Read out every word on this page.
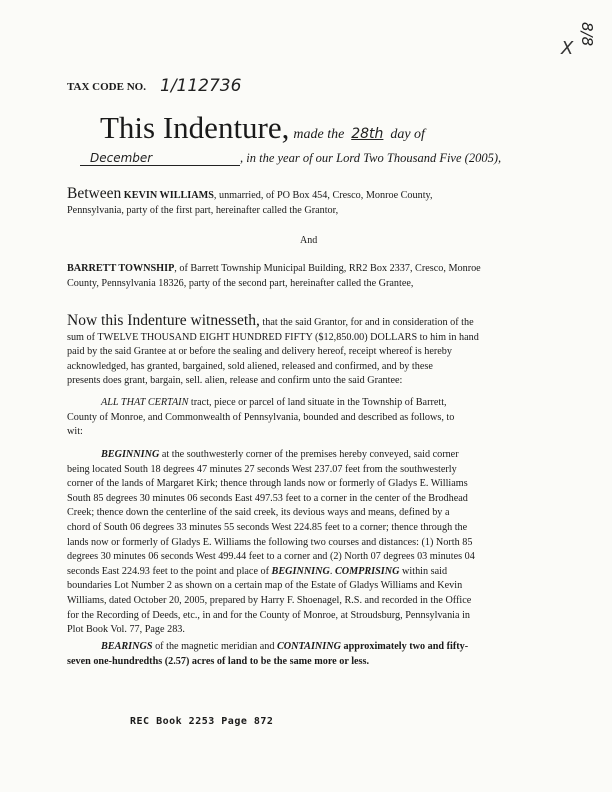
X
8/8
TAX CODE NO. 1/112736
This Indenture, made the 28th day of
December	, in the year of our Lord Two Thousand Five (2005),
Between KEVIN WILLIAMS, unmarried, of PO Box 454, Cresco, Monroe County,
Pennsylvania, party of the first part, hereinafter called the Grantor,
And
BARRETT TOWNSHIP, of Barrett Township Municipal Building, RR2 Box 2337, Cresco, Monroe
County, Pennsylvania 18326, party of the second part, hereinafter called the Grantee,
Now this Indenture witnesseth, that the said Grantor, for and in consideration of the
sum of TWELVE THOUSAND EIGHT HUNDRED FIFTY ($12,850.00) DOLLARS to him in hand
paid by the said Grantee at or before the sealing and delivery hereof, receipt whereof is hereby
acknowledged, has granted, bargained, sold aliened, released and confirmed, and by these
presents does grant, bargain, sell. alien, release and confirm unto the said Grantee:
ALL THAT CERTAIN tract, piece or parcel of land situate in the Township of Barrett,
County of Monroe, and Commonwealth of Pennsylvania, bounded and described as follows, to
wit:
BEGINNING at the southwesterly corner of the premises hereby conveyed, said corner
being located South 18 degrees 47 minutes 27 seconds West 237.07 feet from the southwesterly
corner of the lands of Margaret Kirk; thence through lands now or formerly of Gladys E. Williams
South 85 degrees 30 minutes 06 seconds East 497.53 feet to a corner in the center of the Brodhead
Creek; thence down the centerline of the said creek, its devious ways and means, defined by a
chord of South 06 degrees 33 minutes 55 seconds West 224.85 feet to a corner; thence through the
lands now or formerly of Gladys E. Williams the following two courses and distances: (1) North 85
degrees 30 minutes 06 seconds West 499.44 feet to a corner and (2) North 07 degrees 03 minutes 04
seconds East 224.93 feet to the point and place of BEGINNING. COMPRISING within said
boundaries Lot Number 2 as shown on a certain map of the Estate of Gladys Williams and Kevin
Williams, dated October 20, 2005, prepared by Harry F. Shoenagel, R.S. and recorded in the Office
for the Recording of Deeds, etc., in and for the County of Monroe, at Stroudsburg, Pennsylvania in
Plot Book Vol. 77, Page 283.
BEARINGS of the magnetic meridian and CONTAINING approximately two and fifty-
seven one-hundredths (2.57) acres of land to be the same more or less.
REC Book 2253 Page 872
